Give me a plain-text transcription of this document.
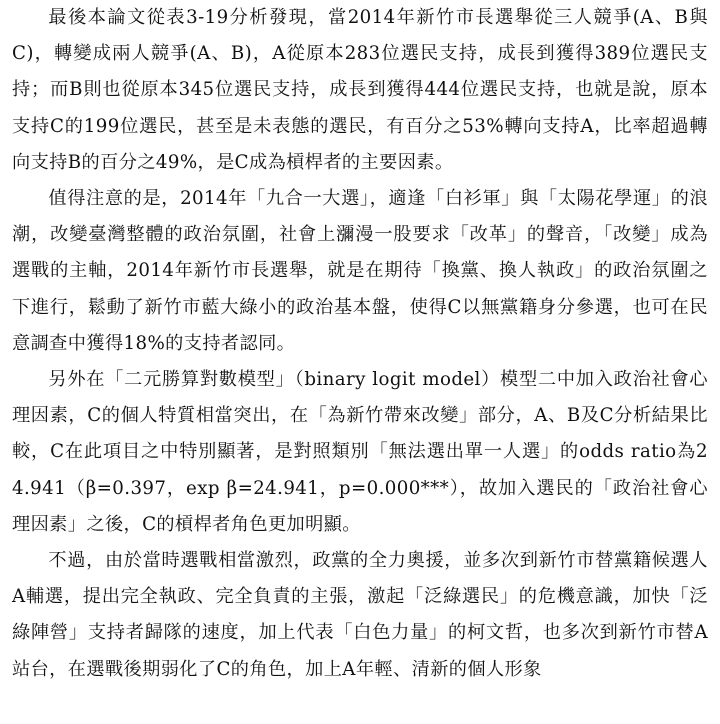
最後本論文從表3-19分析發現，當2014年新竹市長選舉從三人競爭(A、B與C)，轉變成兩人競爭(A、B)，A從原本283位選民支持，成長到獲得389位選民支持；而B則也從原本345位選民支持，成長到獲得444位選民支持，也就是說，原本支持C的199位選民，甚至是未表態的選民，有百分之53%轉向支持A，比率超過轉向支持B的百分之49%，是C成為槓桿者的主要因素。

值得注意的是，2014年「九合一大選」，適逢「白衫軍」與「太陽花學運」的浪潮，改變臺灣整體的政治氛圍，社會上瀰漫一股要求「改革」的聲音，「改變」成為選戰的主軸，2014年新竹市長選舉，就是在期待「換黨、換人執政」的政治氛圍之下進行，鬆動了新竹市藍大綠小的政治基本盤，使得C以無黨籍身分參選，也可在民意調查中獲得18%的支持者認同。

另外在「二元勝算對數模型」（binary logit model）模型二中加入政治社會心理因素，C的個人特質相當突出，在「為新竹帶來改變」部分，A、B及C分析結果比較，C在此項目之中特別顯著，是對照類別「無法選出單一人選」的odds ratio為24.941（β=0.397，exp β=24.941，p=0.000***），故加入選民的「政治社會心理因素」之後，C的槓桿者角色更加明顯。

不過，由於當時選戰相當激烈，政黨的全力奧援，並多次到新竹市替黨籍候選人A輔選，提出完全執政、完全負責的主張，激起「泛綠選民」的危機意識，加快「泛綠陣營」支持者歸隊的速度，加上代表「白色力量」的柯文哲，也多次到新竹市替A站台，在選戰後期弱化了C的角色，加上A年輕、清新的個人形象
